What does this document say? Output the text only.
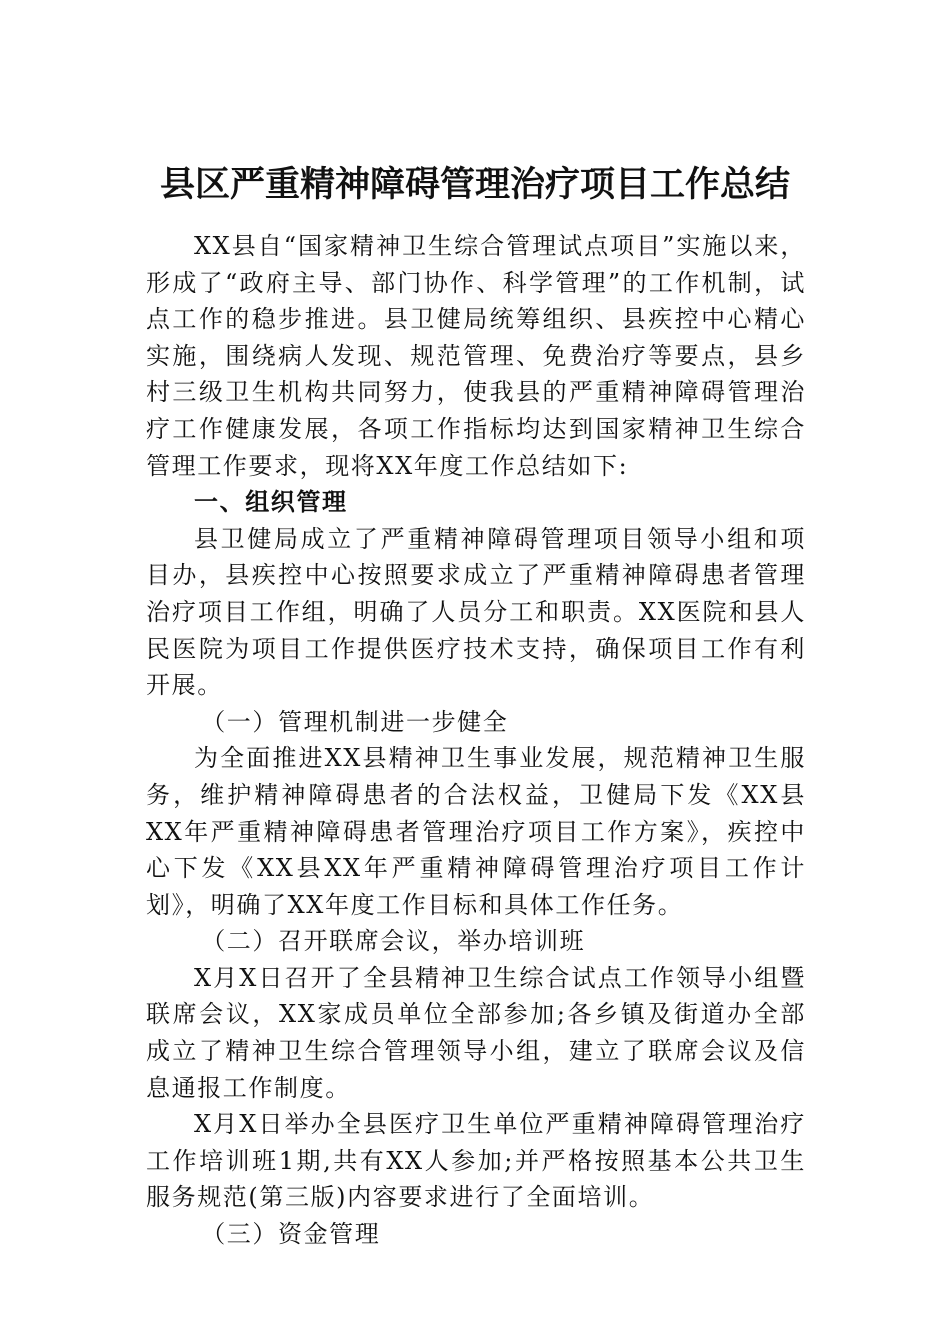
县区严重精神障碍管理治疗项目工作总结

XX县自“国家精神卫生综合管理试点项目”实施以来，形成了“政府主导、部门协作、科学管理”的工作机制，试点工作的稳步推进。县卫健局统筹组织、县疾控中心精心实施，围绕病人发现、规范管理、免费治疗等要点，县乡村三级卫生机构共同努力，使我县的严重精神障碍管理治疗工作健康发展，各项工作指标均达到国家精神卫生综合管理工作要求，现将XX年度工作总结如下:

一、组织管理

县卫健局成立了严重精神障碍管理项目领导小组和项目办，县疾控中心按照要求成立了严重精神障碍患者管理治疗项目工作组，明确了人员分工和职责。XX医院和县人民医院为项目工作提供医疗技术支持，确保项目工作有利开展。

（一）管理机制进一步健全

为全面推进XX县精神卫生事业发展，规范精神卫生服务，维护精神障碍患者的合法权益，卫健局下发《XX县XX年严重精神障碍患者管理治疗项目工作方案》，疾控中心下发《XX县XX年严重精神障碍管理治疗项目工作计划》，明确了XX年度工作目标和具体工作任务。

（二）召开联席会议，举办培训班

X月X日召开了全县精神卫生综合试点工作领导小组暨联席会议，XX家成员单位全部参加;各乡镇及街道办全部成立了精神卫生综合管理领导小组，建立了联席会议及信息通报工作制度。

X月X日举办全县医疗卫生单位严重精神障碍管理治疗工作培训班1期,共有XX人参加;并严格按照基本公共卫生服务规范(第三版)内容要求进行了全面培训。

（三）资金管理
